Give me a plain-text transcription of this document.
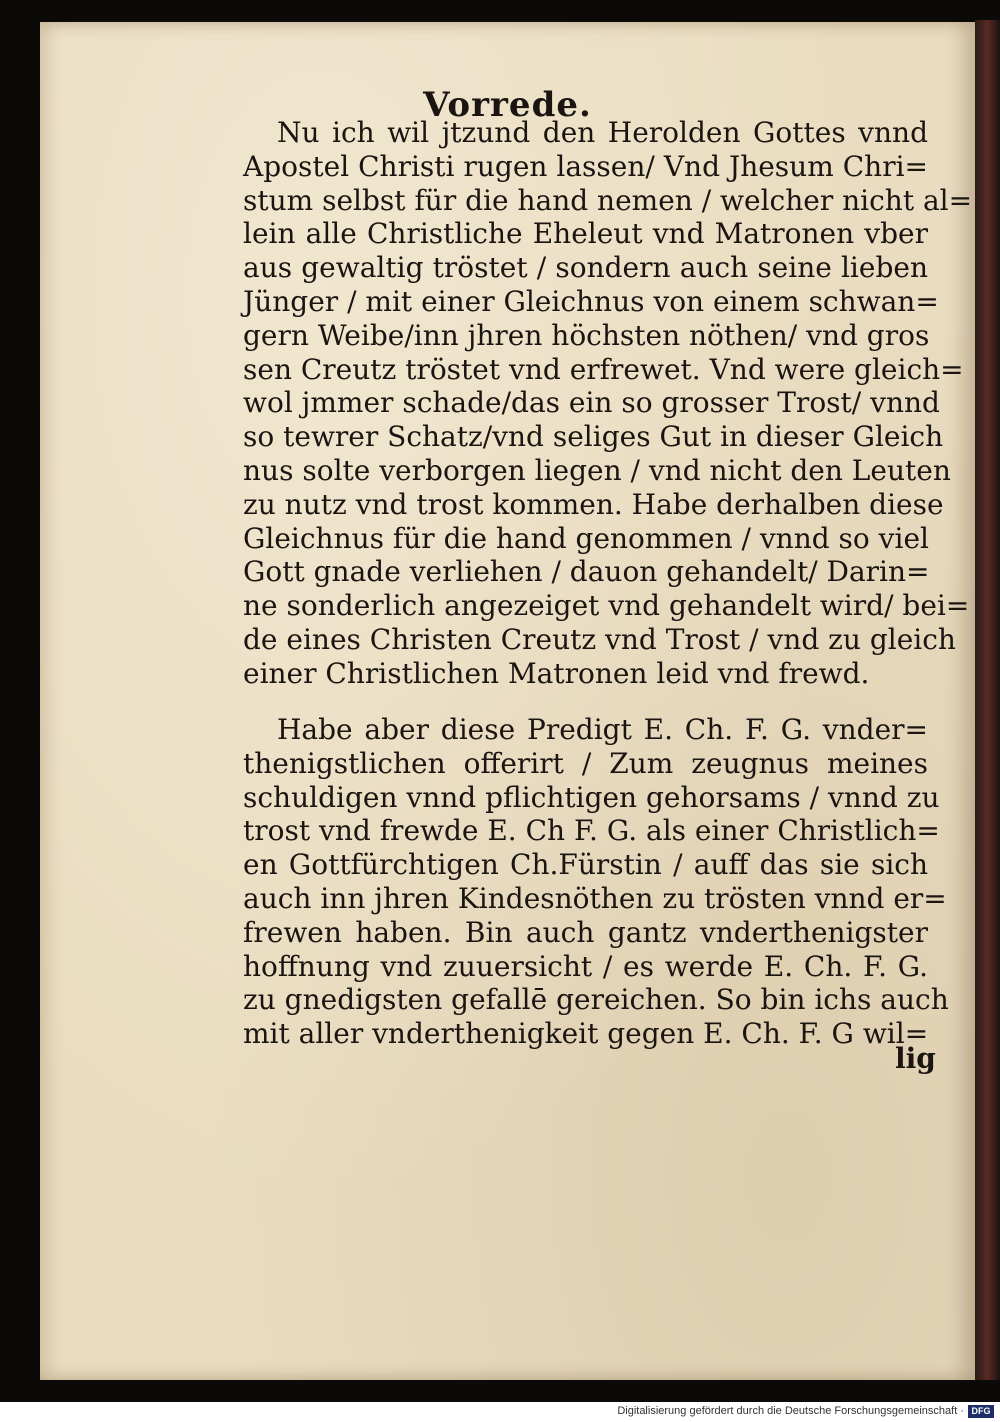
Vorrede.
Nu ich wil jtzund den Herolden Gottes vnnd
Apostel Christi rugen lassen/ Vnd Jhesum Chri=
stum selbst für die hand nemen / welcher nicht al=
lein alle Christliche Eheleut vnd Matronen vber
aus gewaltig tröstet / sondern auch seine lieben
Jünger / mit einer Gleichnus von einem schwan=
gern Weibe/inn jhren höchsten nöthen/ vnd gros
sen Creutz tröstet vnd erfrewet. Vnd were gleich=
wol jmmer schade/das ein so grosser Trost/ vnnd
so tewrer Schatz/vnd seliges Gut in dieser Gleich
nus solte verborgen liegen / vnd nicht den Leuten
zu nutz vnd trost kommen. Habe derhalben diese
Gleichnus für die hand genommen / vnnd so viel
Gott gnade verliehen / dauon gehandelt/ Darin=
ne sonderlich angezeiget vnd gehandelt wird/ bei=
de eines Christen Creutz vnd Trost / vnd zu gleich
einer Christlichen Matronen leid vnd frewd.
Habe aber diese Predigt E. Ch. F. G. vnder=
thenigstlichen offerirt / Zum zeugnus meines
schuldigen vnnd pflichtigen gehorsams / vnnd zu
trost vnd frewde E. Ch F. G. als einer Christlich=
en Gottfürchtigen Ch.Fürstin / auff das sie sich
auch inn jhren Kindesnöthen zu trösten vnnd er=
frewen haben. Bin auch gantz vnderthenigster
hoffnung vnd zuuersicht / es werde E. Ch. F. G.
zu gnedigsten gefallē gereichen. So bin ichs auch
mit aller vnderthenigkeit gegen E. Ch. F. G wil=
lig
Digitalisierung gefördert durch die Deutsche Forschungsgemeinschaft · DFG
